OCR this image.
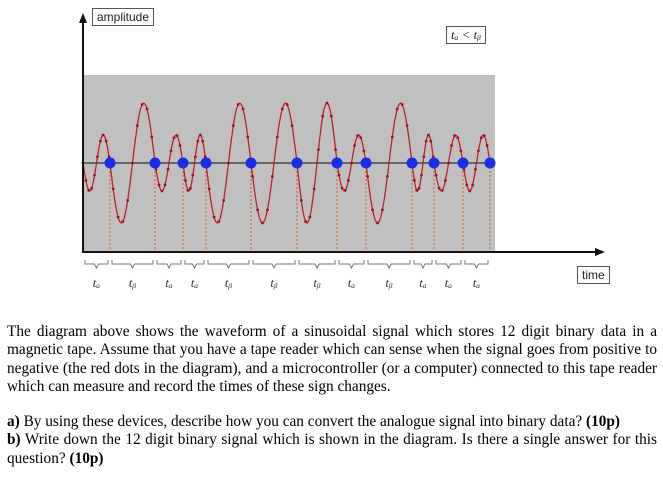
amplitude
time
tₐ < tᵦ
tₐ tᵦ tₐ tₐ tᵦ	tᵦ	tᵦ tₐ tᵦ tₐ tₐ tₐ

The diagram above shows the waveform of a sinusoidal signal which stores 12 digit binary data in a magnetic tape. Assume that you have a tape reader which can sense when the signal goes from positive to negative (the red dots in the diagram), and a microcontroller (or a computer) connected to this tape reader which can measure and record the times of these sign changes.

a) By using these devices, describe how you can convert the analogue signal into binary data? (10p)

b) Write down the 12 digit binary signal which is shown in the diagram. Is there a single answer for this question? (10p)
